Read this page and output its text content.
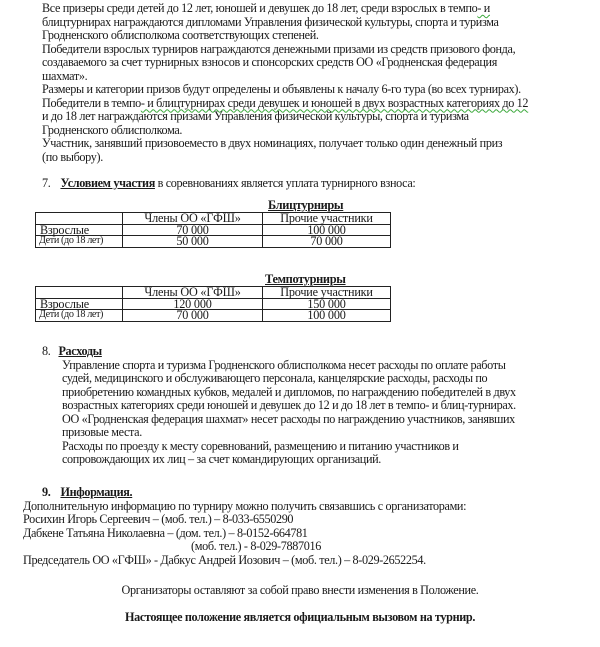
Все призеры среди детей до 12 лет, юношей и девушек до 18 лет, среди взрослых в темпо- и
блицтурнирах награждаются дипломами Управления физической культуры, спорта и туризма
Гродненского облисполкома соответствующих степеней.
Победители взрослых турниров награждаются денежными призами из средств призового фонда,
создаваемого за счет турнирных взносов и спонсорских средств ОО «Гродненская федерация
шахмат».
Размеры и категории призов будут определены и объявлены к началу 6-го тура (во всех турнирах).
Победители в темпо- и блицтурнирах среди девушек и юношей в двух возрастных категориях до 12
и до 18 лет награждаются призами Управления физической культуры, спорта и туризма
Гродненского облисполкома.
Участник, занявший призовоеместо в двух номинациях, получает только один денежный приз
(по выбору).
7. Условием участия в соревнованиях является уплата турнирного взноса:
Блицтурниры
	Члены ОО «ГФШ»	Прочие участники
Взрослые	70 000	100 000
Дети (до 18 лет)	50 000	70 000
Темпотурниры
	Члены ОО «ГФШ»	Прочие участники
Взрослые	120 000	150 000
Дети (до 18 лет)	70 000	100 000
8. Расходы
Управление спорта и туризма Гродненского облисполкома несет расходы по оплате работы
судей, медицинского и обслуживающего персонала, канцелярские расходы, расходы по
приобретению командных кубков, медалей и дипломов, по награждению победителей в двух
возрастных категориях среди юношей и девушек до 12 и до 18 лет в темпо- и блиц-турнирах.
ОО «Гродненская федерация шахмат» несет расходы по награждению участников, занявших
призовые места.
Расходы по проезду к месту соревнований, размещению и питанию участников и
сопровождающих их лиц – за счет командирующих организаций.
9. Информация.
Дополнительную информацию по турниру можно получить связавшись с организаторами:
Росихин Игорь Сергеевич – (моб. тел.) – 8-033-6550290
Дабкене Татьяна Николаевна – (дом. тел.) – 8-0152-664781
(моб. тел.) - 8-029-7887016
Председатель ОО «ГФШ» - Дабкус Андрей Иозович – (моб. тел.) – 8-029-2652254.
Организаторы оставляют за собой право внести изменения в Положение.
Настоящее положение является официальным вызовом на турнир.
